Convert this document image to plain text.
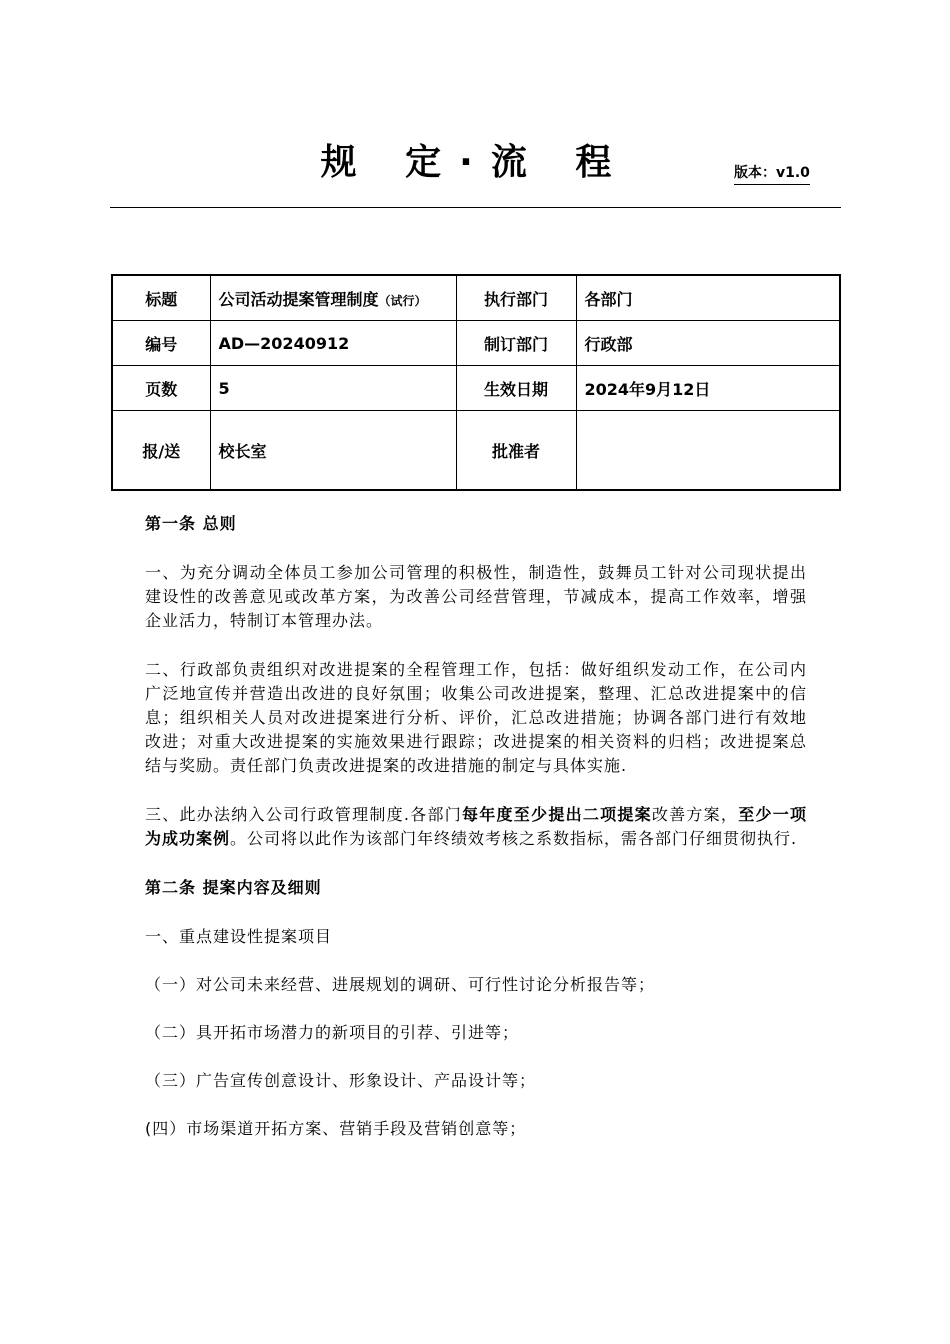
规 定·流 程	版本：v1.0
标题	公司活动提案管理制度（试行）	执行部门	各部门
编号	AD—20240912	制订部门	行政部
页数	5	生效日期	2024年9月12日
报/送	校长室	批准者	

第一条 总则

一、为充分调动全体员工参加公司管理的积极性，制造性，鼓舞员工针对公司现状提出建设性的改善意见或改革方案，为改善公司经营管理，节减成本，提高工作效率，增强企业活力，特制订本管理办法。

二、行政部负责组织对改进提案的全程管理工作，包括：做好组织发动工作，在公司内广泛地宣传并营造出改进的良好氛围；收集公司改进提案，整理、汇总改进提案中的信息；组织相关人员对改进提案进行分析、评价，汇总改进措施；协调各部门进行有效地改进；对重大改进提案的实施效果进行跟踪；改进提案的相关资料的归档；改进提案总结与奖励。责任部门负责改进提案的改进措施的制定与具体实施.

三、此办法纳入公司行政管理制度.各部门每年度至少提出二项提案改善方案，至少一项为成功案例。公司将以此作为该部门年终绩效考核之系数指标，需各部门仔细贯彻执行.

第二条 提案内容及细则

一、重点建设性提案项目

（一）对公司未来经营、进展规划的调研、可行性讨论分析报告等；

（二）具开拓市场潜力的新项目的引荐、引进等；

（三）广告宣传创意设计、形象设计、产品设计等；

(四）市场渠道开拓方案、营销手段及营销创意等；
